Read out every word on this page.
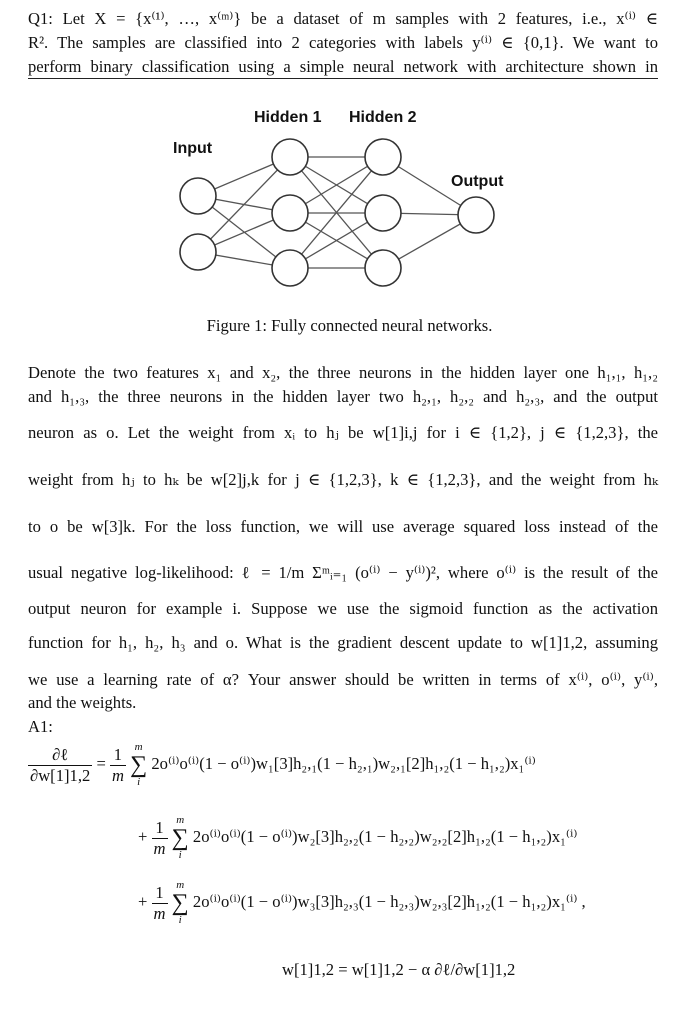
Q1: Let X = {x⁽¹⁾, …, x⁽ᵐ⁾} be a dataset of m samples with 2 features, i.e., x⁽ⁱ⁾ ∈
R². The samples are classified into 2 categories with labels y⁽ⁱ⁾ ∈ {0,1}. We want to
perform binary classification using a simple neural network with architecture shown in
Hidden 1 Hidden 2
Input
Output
Figure 1: Fully connected neural networks.
Denote the two features x₁ and x₂, the three neurons in the hidden layer one h₁,₁, h₁,₂
and h₁,₃, the three neurons in the hidden layer two h₂,₁, h₂,₂ and h₂,₃, and the output
neuron as o. Let the weight from xᵢ to hⱼ be w[1]i,j for i ∈ {1,2}, j ∈ {1,2,3}, the
weight from hⱼ to hₖ be w[2]j,k for j ∈ {1,2,3}, k ∈ {1,2,3}, and the weight from hₖ
to o be w[3]k. For the loss function, we will use average squared loss instead of the
usual negative log-likelihood: ℓ = 1/m Σᵐᵢ₌₁ (o⁽ⁱ⁾ − y⁽ⁱ⁾)², where o⁽ⁱ⁾ is the result of the
output neuron for example i. Suppose we use the sigmoid function as the activation
function for h₁, h₂, h₃ and o. What is the gradient descent update to w[1]1,2, assuming
we use a learning rate of α? Your answer should be written in terms of x⁽ⁱ⁾, o⁽ⁱ⁾, y⁽ⁱ⁾,
and the weights.
A1:
$\frac{\text{∂ℓ}}{\partial w[1]1,2} = \frac{1}{m}$ m
∑
i 2o⁽ⁱ⁾o⁽ⁱ⁾(1 − o⁽ⁱ⁾)w₁[3]h₂,₁(1 − h₂,₁)w₂,₁[2]h₁,₂(1 − h₁,₂)x₁⁽ⁱ⁾
+ $\frac{1}{m}$ m
∑
i 2o⁽ⁱ⁾o⁽ⁱ⁾(1 − o⁽ⁱ⁾)w₂[3]h₂,₂(1 − h₂,₂)w₂,₂[2]h₁,₂(1 − h₁,₂)x₁⁽ⁱ⁾
+ $\frac{1}{m}$ m
∑
i 2o⁽ⁱ⁾o⁽ⁱ⁾(1 − o⁽ⁱ⁾)w₃[3]h₂,₃(1 − h₂,₃)w₂,₃[2]h₁,₂(1 − h₁,₂)x₁⁽ⁱ⁾ ,
w[1]1,2 = w[1]1,2 − α ∂ℓ/∂w[1]1,2
